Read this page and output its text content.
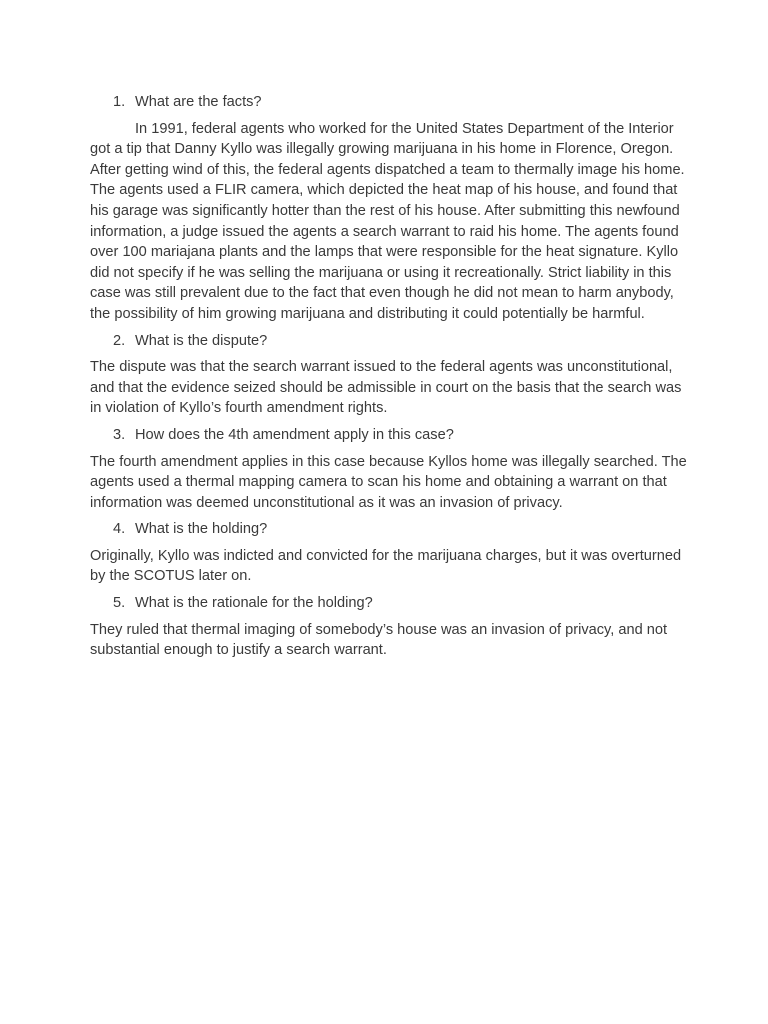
1. What are the facts?

In 1991, federal agents who worked for the United States Department of the Interior got a tip that Danny Kyllo was illegally growing marijuana in his home in Florence, Oregon. After getting wind of this, the federal agents dispatched a team to thermally image his home. The agents used a FLIR camera, which depicted the heat map of his house, and found that his garage was significantly hotter than the rest of his house. After submitting this newfound information, a judge issued the agents a search warrant to raid his home. The agents found over 100 mariajana plants and the lamps that were responsible for the heat signature. Kyllo did not specify if he was selling the marijuana or using it recreationally. Strict liability in this case was still prevalent due to the fact that even though he did not mean to harm anybody, the possibility of him growing marijuana and distributing it could potentially be harmful.

2. What is the dispute?

The dispute was that the search warrant issued to the federal agents was unconstitutional, and that the evidence seized should be admissible in court on the basis that the search was in violation of Kyllo’s fourth amendment rights.

3. How does the 4th amendment apply in this case?

The fourth amendment applies in this case because Kyllos home was illegally searched. The agents used a thermal mapping camera to scan his home and obtaining a warrant on that information was deemed unconstitutional as it was an invasion of privacy.

4. What is the holding?

Originally, Kyllo was indicted and convicted for the marijuana charges, but it was overturned by the SCOTUS later on.

5. What is the rationale for the holding?

They ruled that thermal imaging of somebody’s house was an invasion of privacy, and not substantial enough to justify a search warrant.
